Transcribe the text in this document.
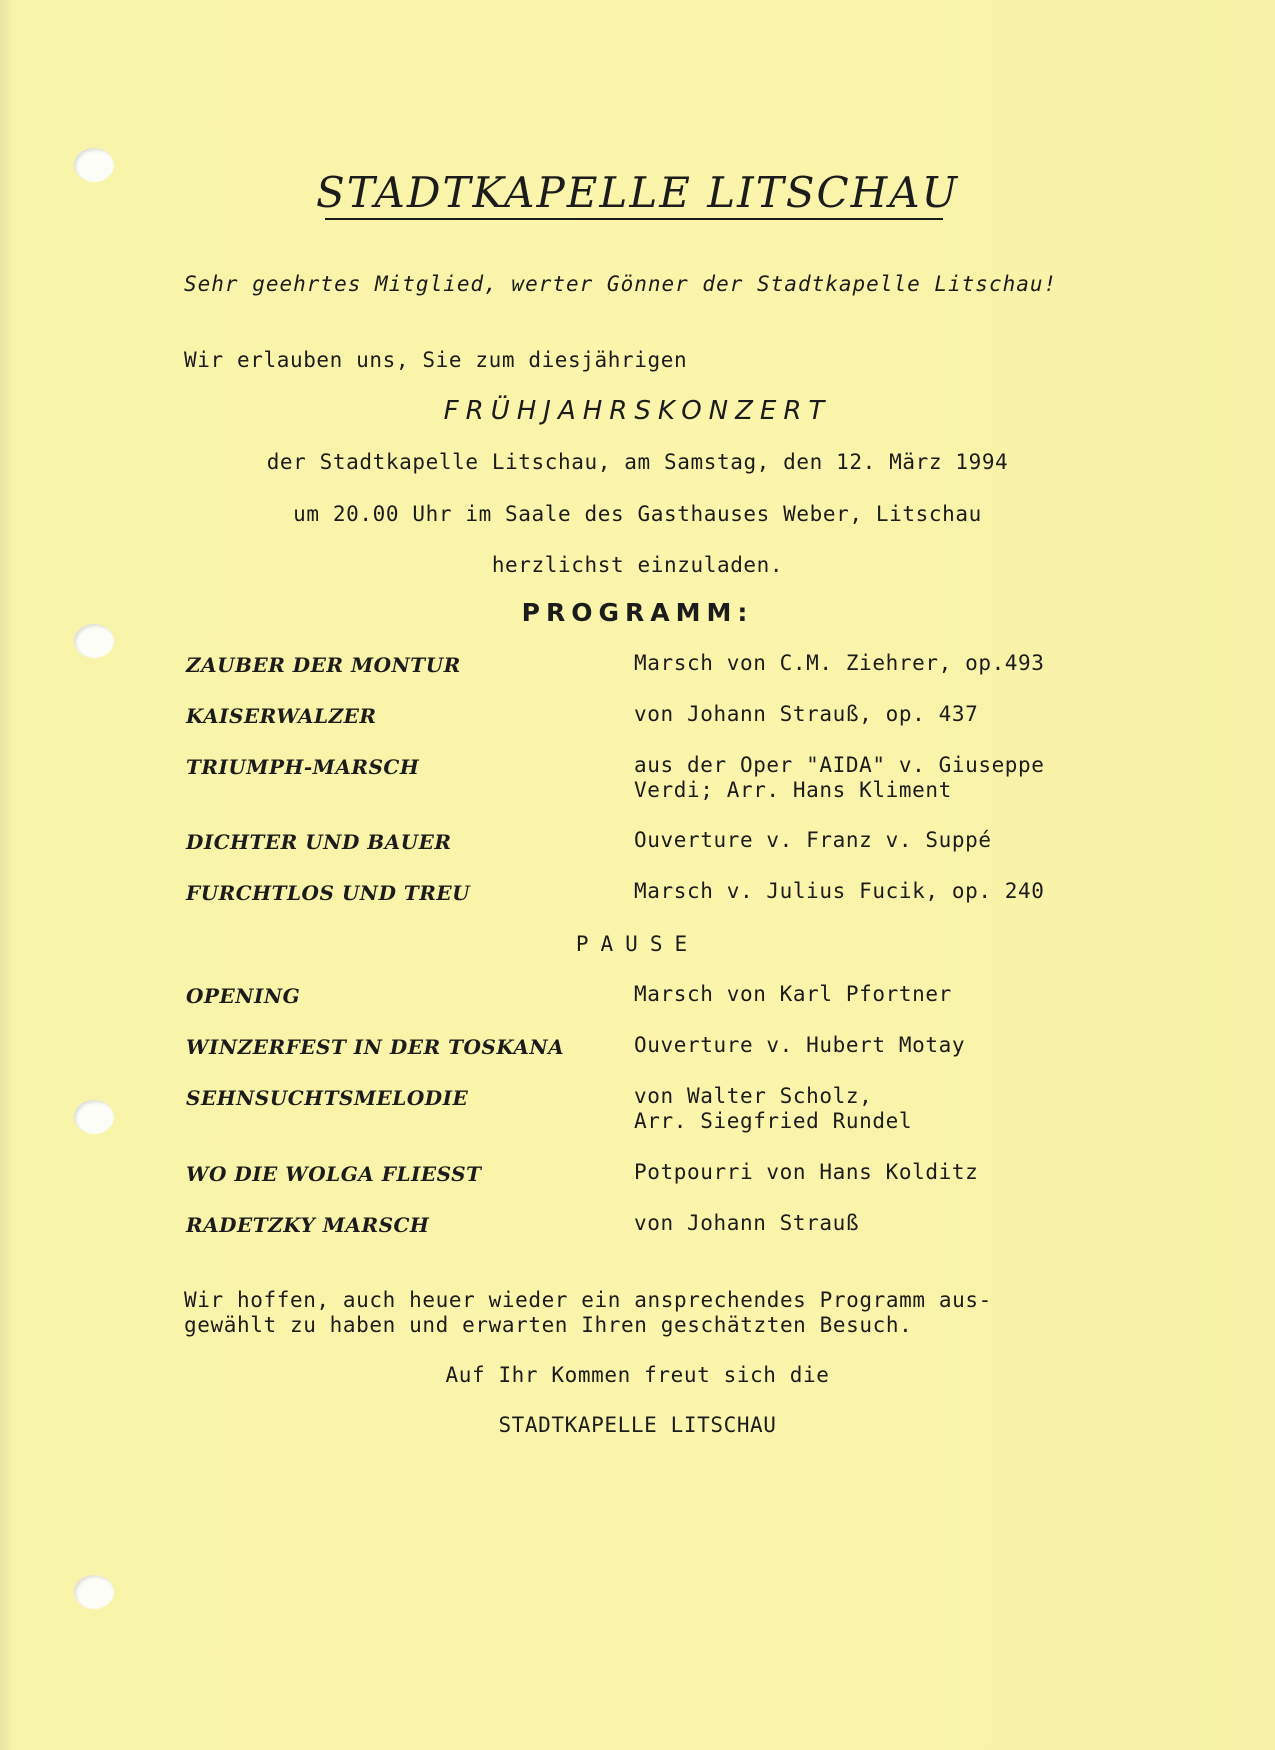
STADTKAPELLE LITSCHAU
Sehr geehrtes Mitglied, werter Gönner der Stadtkapelle Litschau!
Wir erlauben uns, Sie zum diesjährigen
FRÜHJAHRSKONZERT
der Stadtkapelle Litschau, am Samstag, den 12. März 1994
um 20.00 Uhr im Saale des Gasthauses Weber, Litschau
herzlichst einzuladen.
PROGRAMM:
ZAUBER DER MONTUR	Marsch von C.M. Ziehrer, op.493
KAISERWALZER	von Johann Strauß, op. 437
TRIUMPH-MARSCH	aus der Oper "AIDA" v. Giuseppe
Verdi; Arr. Hans Kliment
DICHTER UND BAUER	Ouverture v. Franz v. Suppé
FURCHTLOS UND TREU	Marsch v. Julius Fucik, op. 240
PAUSE
OPENING	Marsch von Karl Pfortner
WINZERFEST IN DER TOSKANA	Ouverture v. Hubert Motay
SEHNSUCHTSMELODIE	von Walter Scholz,
Arr. Siegfried Rundel
WO DIE WOLGA FLIESST	Potpourri von Hans Kolditz
RADETZKY MARSCH	von Johann Strauß
Wir hoffen, auch heuer wieder ein ansprechendes Programm aus-
gewählt zu haben und erwarten Ihren geschätzten Besuch.
Auf Ihr Kommen freut sich die
STADTKAPELLE LITSCHAU
